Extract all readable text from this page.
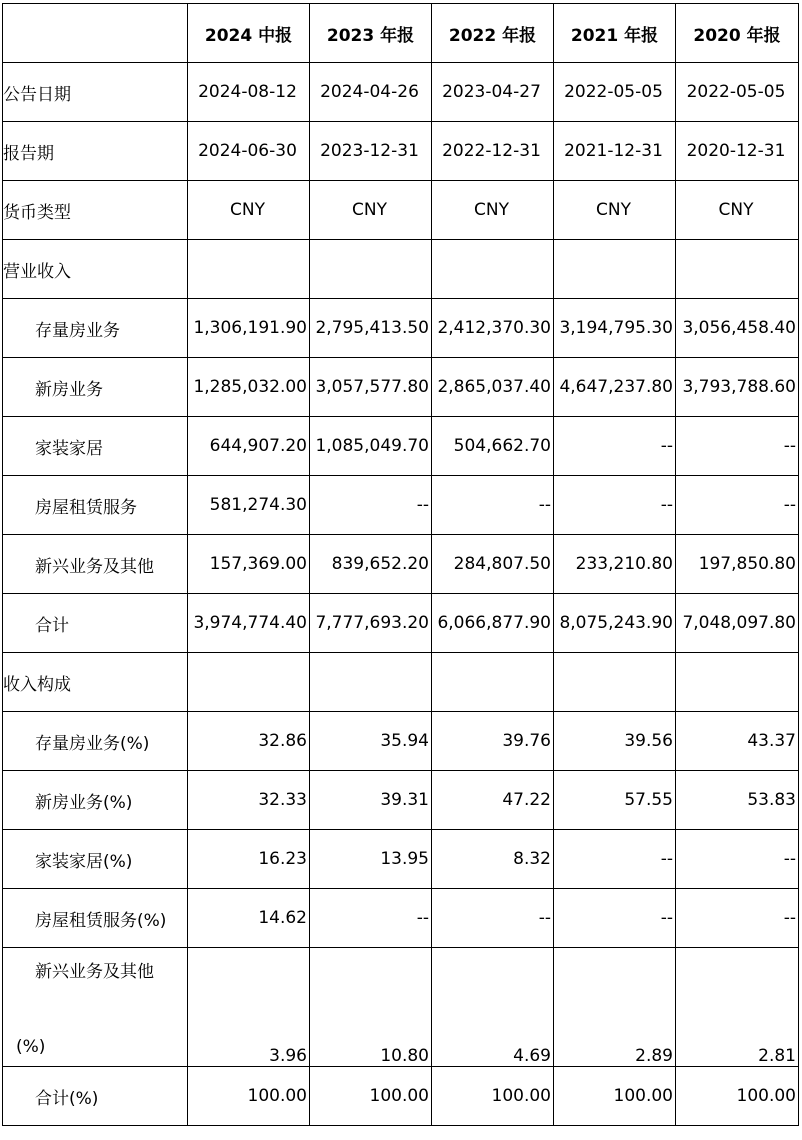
	2024 中报	2023 年报	2022 年报	2021 年报	2020 年报
公告日期	2024-08-12	2024-04-26	2023-04-27	2022-05-05	2022-05-05
报告期	2024-06-30	2023-12-31	2022-12-31	2021-12-31	2020-12-31
货币类型	CNY	CNY	CNY	CNY	CNY
营业收入					
存量房业务	1,306,191.90	2,795,413.50	2,412,370.30	3,194,795.30	3,056,458.40
新房业务	1,285,032.00	3,057,577.80	2,865,037.40	4,647,237.80	3,793,788.60
家装家居	644,907.20	1,085,049.70	504,662.70	--	--
房屋租赁服务	581,274.30	--	--	--	--
新兴业务及其他	157,369.00	839,652.20	284,807.50	233,210.80	197,850.80
合计	3,974,774.40	7,777,693.20	6,066,877.90	8,075,243.90	7,048,097.80
收入构成					
存量房业务(%)	32.86	35.94	39.76	39.56	43.37
新房业务(%)	32.33	39.31	47.22	57.55	53.83
家装家居(%)	16.23	13.95	8.32	--	--
房屋租赁服务(%)	14.62	--	--	--	--

新兴业务及其他
(%)	3.96	10.80	4.69	2.89	2.81
合计(%)	100.00	100.00	100.00	100.00	100.00
